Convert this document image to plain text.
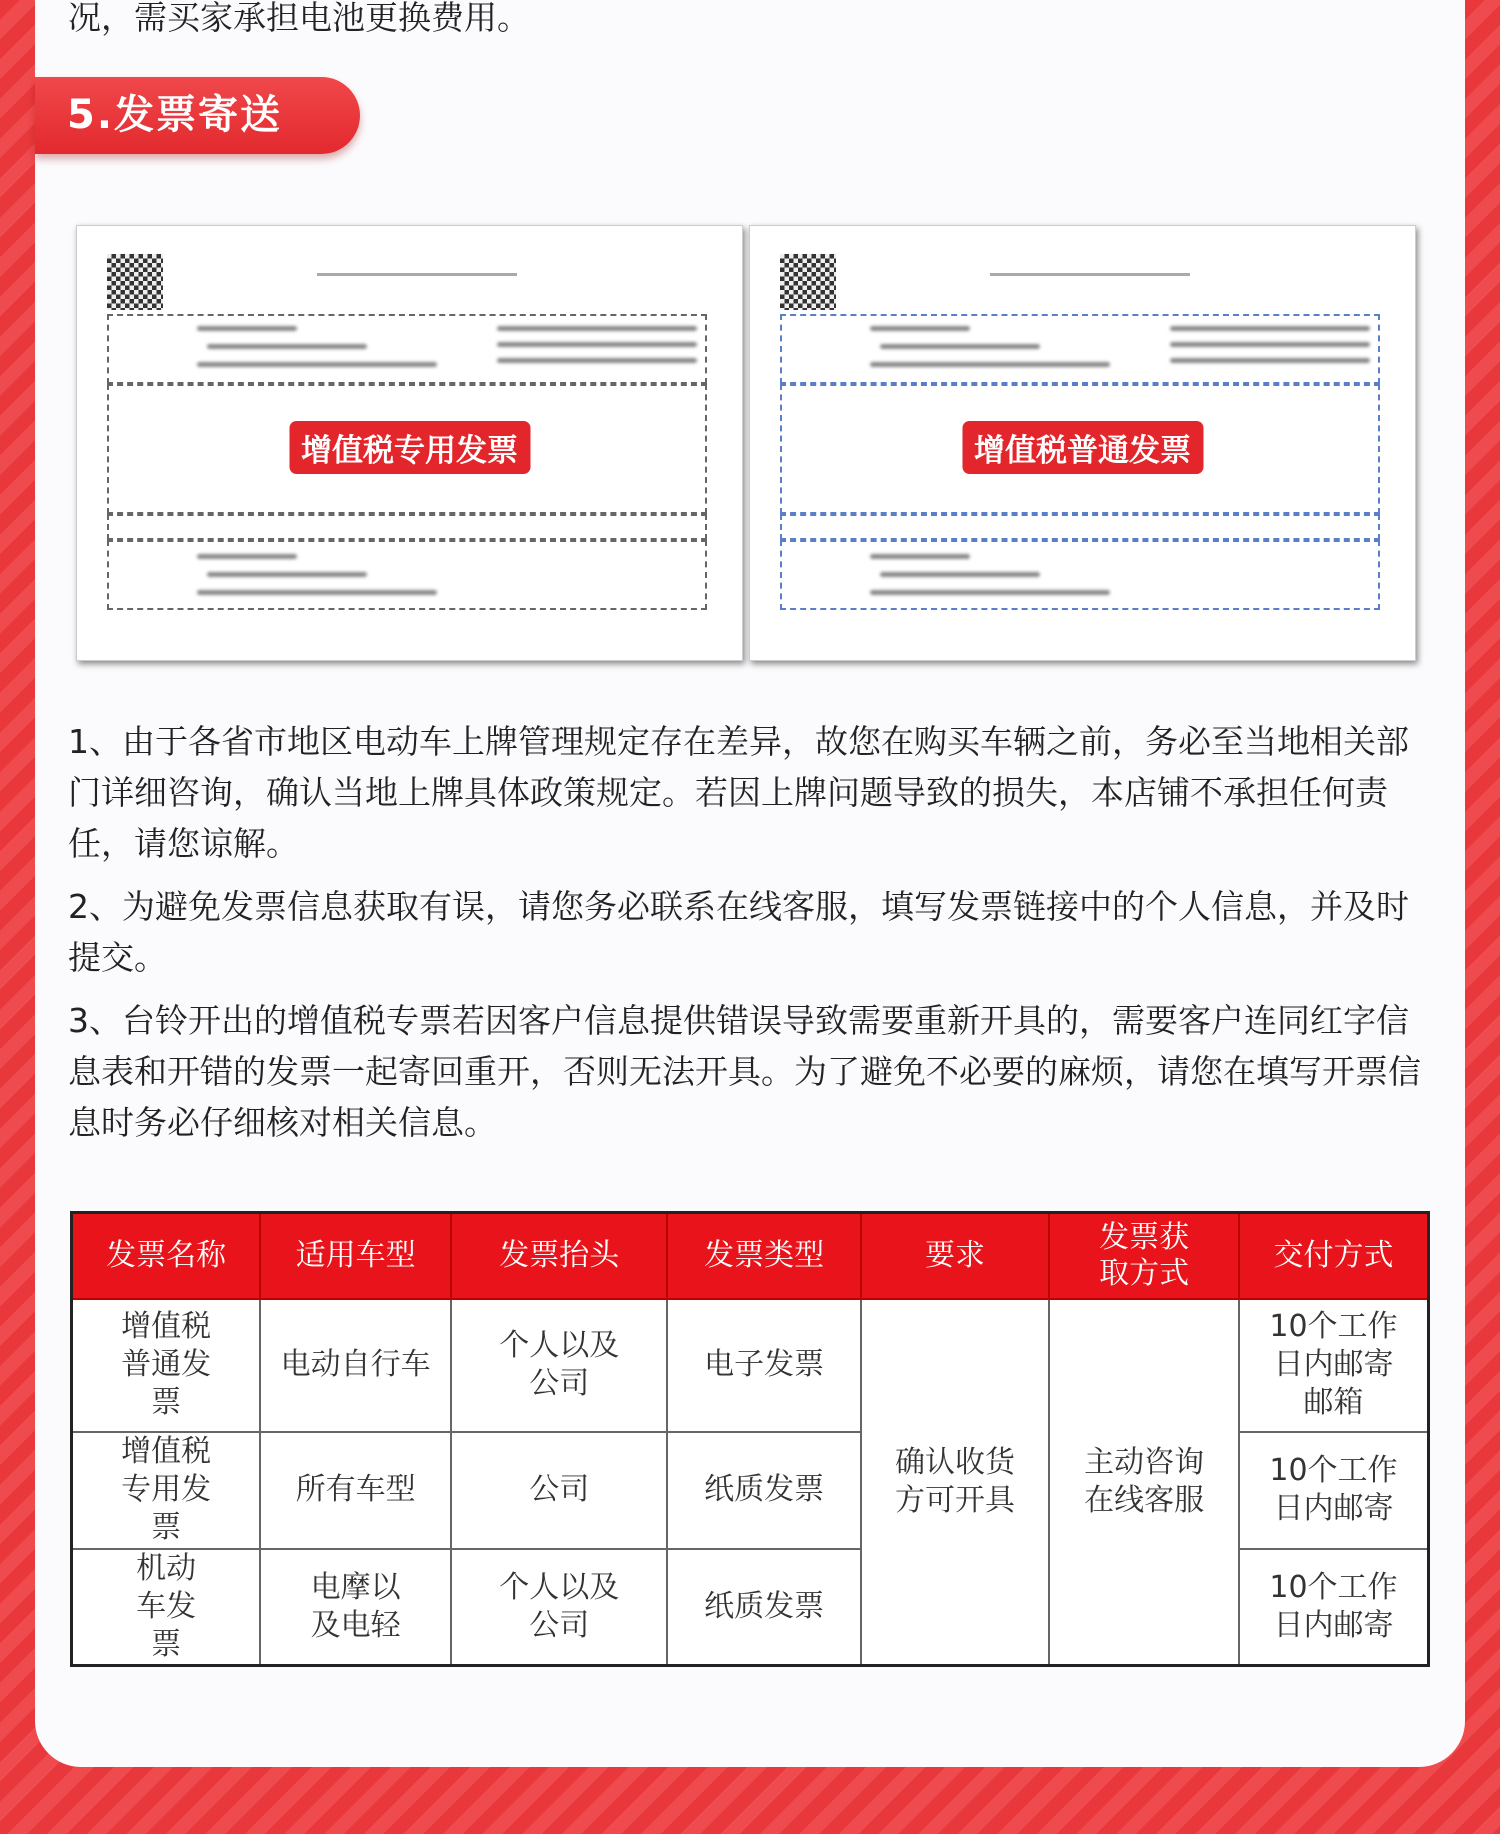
况，需买家承担电池更换费用。
5.发票寄送
增值税专用发票	增值税普通发票

1、由于各省市地区电动车上牌管理规定存在差异，故您在购买车辆之前，务必至当地相关部门详细咨询，确认当地上牌具体政策规定。若因上牌问题导致的损失，本店铺不承担任何责任，请您谅解。

2、为避免发票信息获取有误，请您务必联系在线客服，填写发票链接中的个人信息，并及时提交。

3、台铃开出的增值税专票若因客户信息提供错误导致需要重新开具的，需要客户连同红字信息表和开错的发票一起寄回重开，否则无法开具。为了避免不必要的麻烦，请您在填写开票信息时务必仔细核对相关信息。

发票名称	适用车型	发票抬头	发票类型	要求	发票获取方式	交付方式
增值税普通发票	电动自行车	个人以及公司	电子发票	确认收货方可开具	主动咨询在线客服	10个工作日内邮寄邮箱
增值税专用发票	所有车型	公司	纸质发票			10个工作日内邮寄
机动车发票	电摩以及电轻	个人以及公司	纸质发票			10个工作日内邮寄
